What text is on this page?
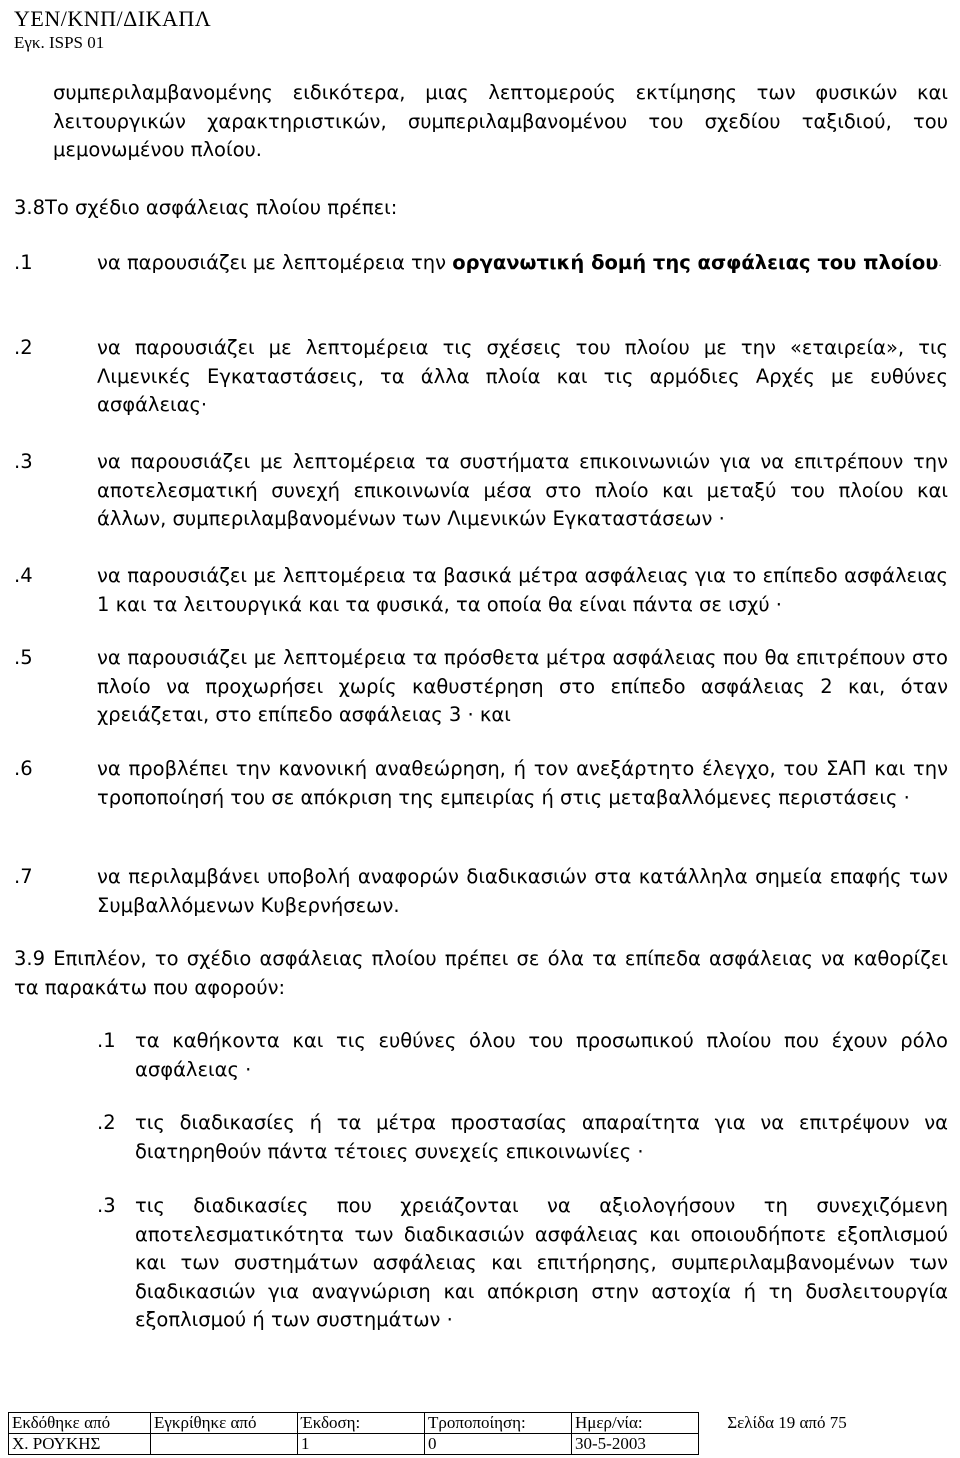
ΥΕΝ/ΚΝΠ/ΔΙΚΑΠΛ
Εγκ. ISPS 01
συμπεριλαμβανομένης ειδικότερα, μιας λεπτομερούς εκτίμησης των φυσικών και λειτουργικών χαρακτηριστικών, συμπεριλαμβανομένου του σχεδίου ταξιδιού, του μεμονωμένου πλοίου.
3.8Το σχέδιο ασφάλειας πλοίου πρέπει:
.1	να παρουσιάζει με λεπτομέρεια την οργανωτική δομή της ασφάλειας του πλοίου·
.2	να παρουσιάζει με λεπτομέρεια τις σχέσεις του πλοίου με την «εταιρεία», τις Λιμενικές Εγκαταστάσεις, τα άλλα πλοία και τις αρμόδιες Αρχές με ευθύνες ασφάλειας·
.3	να παρουσιάζει με λεπτομέρεια τα συστήματα επικοινωνιών για να επιτρέπουν την αποτελεσματική συνεχή επικοινωνία μέσα στο πλοίο και μεταξύ του πλοίου και άλλων, συμπεριλαμβανομένων των Λιμενικών Εγκαταστάσεων ·
.4	να παρουσιάζει με λεπτομέρεια τα βασικά μέτρα ασφάλειας για το επίπεδο ασφάλειας 1 και τα λειτουργικά και τα φυσικά, τα οποία θα είναι πάντα σε ισχύ ·
.5	να παρουσιάζει με λεπτομέρεια τα πρόσθετα μέτρα ασφάλειας που θα επιτρέπουν στο πλοίο να προχωρήσει χωρίς καθυστέρηση στο επίπεδο ασφάλειας 2 και, όταν χρειάζεται, στο επίπεδο ασφάλειας 3 · και
.6	να προβλέπει την κανονική αναθεώρηση, ή τον ανεξάρτητο έλεγχο, του ΣΑΠ και την τροποποίησή του σε απόκριση της εμπειρίας ή στις μεταβαλλόμενες περιστάσεις ·
.7	να περιλαμβάνει υποβολή αναφορών διαδικασιών στα κατάλληλα σημεία επαφής των Συμβαλλόμενων Κυβερνήσεων.
3.9 Επιπλέον, το σχέδιο ασφάλειας πλοίου πρέπει σε όλα τα επίπεδα ασφάλειας να καθορίζει τα παρακάτω που αφορούν:
.1 τα καθήκοντα και τις ευθύνες όλου του προσωπικού πλοίου που έχουν ρόλο ασφάλειας ·
.2 τις διαδικασίες ή τα μέτρα προστασίας απαραίτητα για να επιτρέψουν να διατηρηθούν πάντα τέτοιες συνεχείς επικοινωνίες ·
.3 τις διαδικασίες που χρειάζονται να αξιολογήσουν τη συνεχιζόμενη αποτελεσματικότητα των διαδικασιών ασφάλειας και οποιουδήποτε εξοπλισμού και των συστημάτων ασφάλειας και επιτήρησης, συμπεριλαμβανομένων των διαδικασιών για αναγνώριση και απόκριση στην αστοχία ή τη δυσλειτουργία εξοπλισμού ή των συστημάτων ·
Εκδόθηκε από	Εγκρίθηκε από	Έκδοση:	Τροποποίηση:	Ημερ/νία:	Σελίδα 19 από 75
Χ. ΡΟΥΚΗΣ		1	0	30-5-2003	
